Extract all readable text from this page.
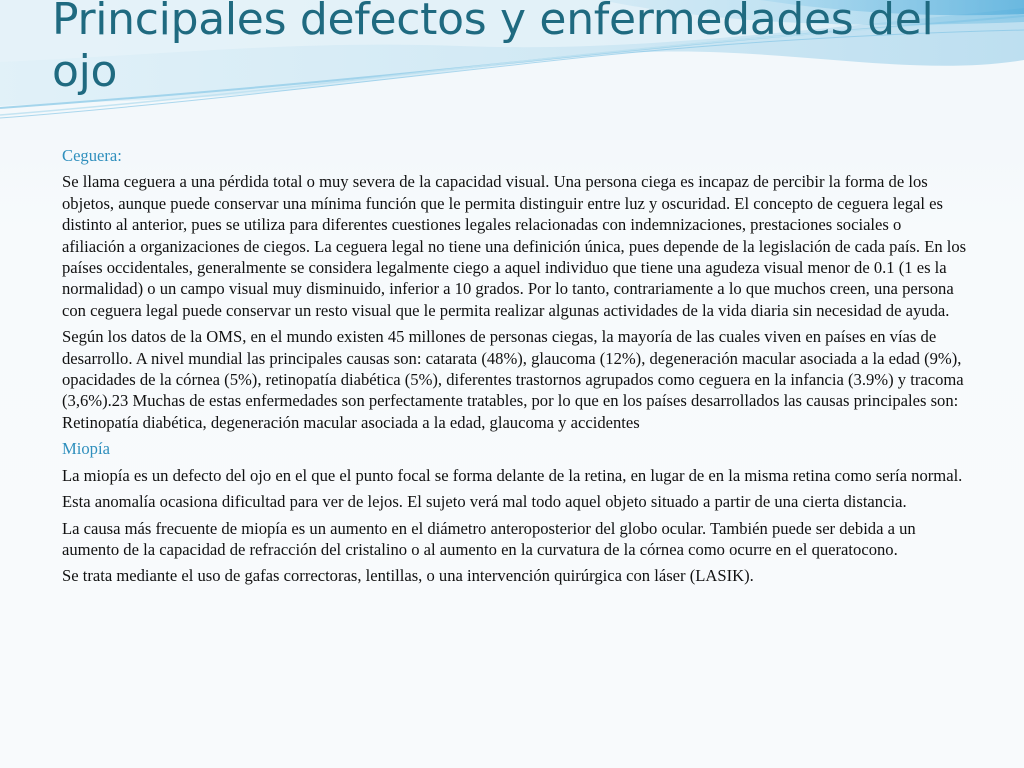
Principales defectos y enfermedades del ojo

Ceguera:

Se llama ceguera a una pérdida total o muy severa de la capacidad visual. Una persona ciega es incapaz de percibir la forma de los objetos, aunque puede conservar una mínima función que le permita distinguir entre luz y oscuridad. El concepto de ceguera legal es distinto al anterior, pues se utiliza para diferentes cuestiones legales relacionadas con indemnizaciones, prestaciones sociales o afiliación a organizaciones de ciegos. La ceguera legal no tiene una definición única, pues depende de la legislación de cada país. En los países occidentales, generalmente se considera legalmente ciego a aquel individuo que tiene una agudeza visual menor de 0.1 (1 es la normalidad) o un campo visual muy disminuido, inferior a 10 grados. Por lo tanto, contrariamente a lo que muchos creen, una persona con ceguera legal puede conservar un resto visual que le permita realizar algunas actividades de la vida diaria sin necesidad de ayuda.

Según los datos de la OMS, en el mundo existen 45 millones de personas ciegas, la mayoría de las cuales viven en países en vías de desarrollo. A nivel mundial las principales causas son: catarata (48%), glaucoma (12%), degeneración macular asociada a la edad (9%), opacidades de la córnea (5%), retinopatía diabética (5%), diferentes trastornos agrupados como ceguera en la infancia (3.9%) y tracoma (3,6%).23 Muchas de estas enfermedades son perfectamente tratables, por lo que en los países desarrollados las causas principales son: Retinopatía diabética, degeneración macular asociada a la edad, glaucoma y accidentes

Miopía

La miopía es un defecto del ojo en el que el punto focal se forma delante de la retina, en lugar de en la misma retina como sería normal.

Esta anomalía ocasiona dificultad para ver de lejos. El sujeto verá mal todo aquel objeto situado a partir de una cierta distancia.

La causa más frecuente de miopía es un aumento en el diámetro anteroposterior del globo ocular. También puede ser debida a un aumento de la capacidad de refracción del cristalino o al aumento en la curvatura de la córnea como ocurre en el queratocono.

Se trata mediante el uso de gafas correctoras, lentillas, o una intervención quirúrgica con láser (LASIK).
